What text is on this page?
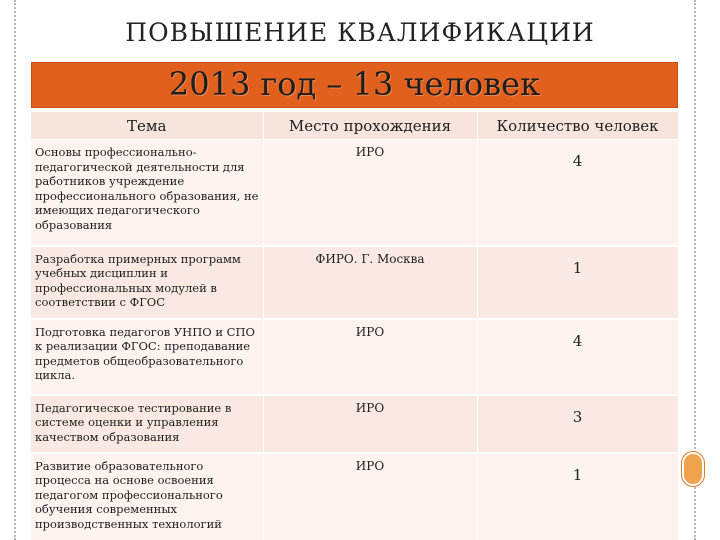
ПОВЫШЕНИЕ КВАЛИФИКАЦИИ
2013 год – 13 человек
Тема	Место прохождения	Количество человек

Основы профессионально-педагогической деятельности для работников учреждение профессионального образования, не имеющих педагогического образования	ИРО	4

Разработка примерных программ учебных дисциплин и профессиональных модулей в соответствии с ФГОС	ФИРО. Г. Москва	1

Подготовка педагогов УНПО и СПО к реализации ФГОС: преподавание предметов общеобразовательного цикла.	ИРО	4

Педагогическое тестирование в системе оценки и управления качеством образования	ИРО	3

Развитие образовательного процесса на основе освоения педагогом профессионального обучения современных производственных технологий	ИРО	1
